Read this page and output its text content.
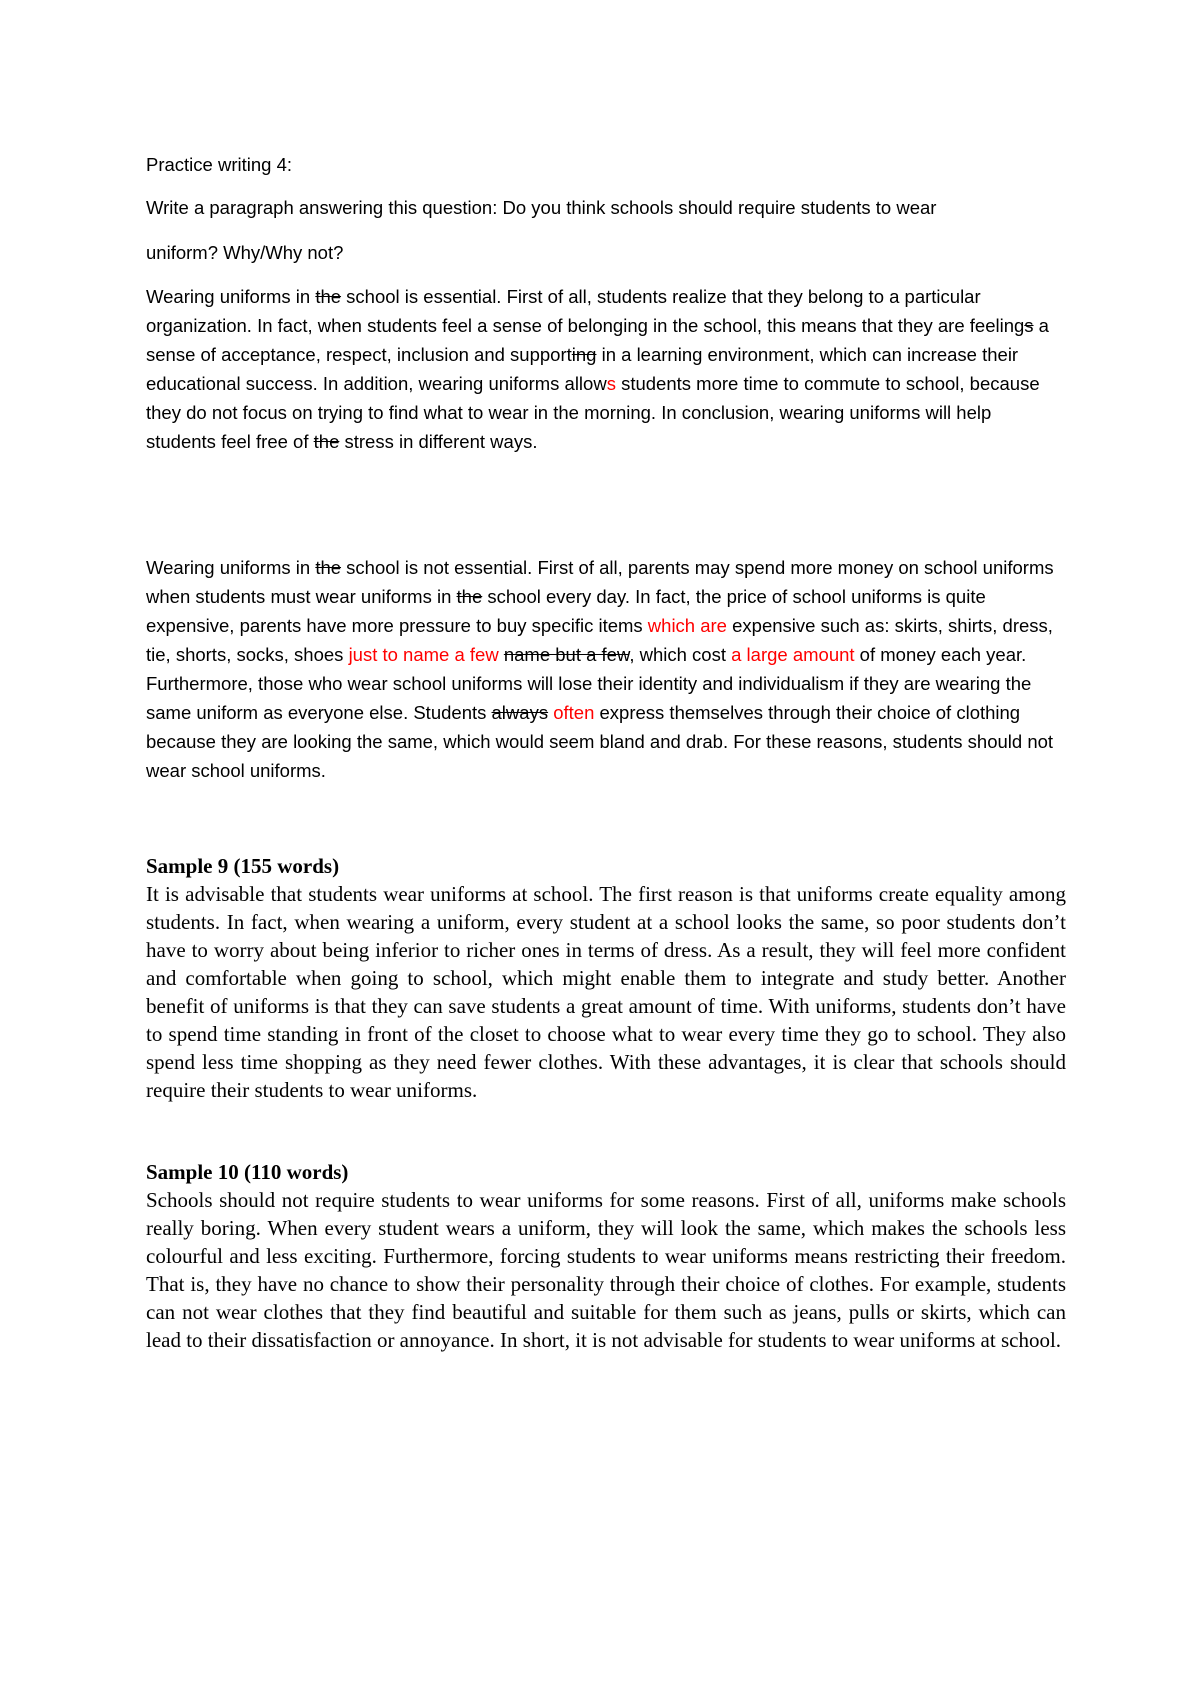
Practice writing 4:

Write a paragraph answering this question: Do you think schools should require students to wear

uniform? Why/Why not?

Wearing uniforms in the school is essential. First of all, students realize that they belong to a particular organization. In fact, when students feel a sense of belonging in the school, this means that they are feelings a sense of acceptance, respect, inclusion and supporting in a learning environment, which can increase their educational success. In addition, wearing uniforms allows students more time to commute to school, because they do not focus on trying to find what to wear in the morning. In conclusion, wearing uniforms will help students feel free of the stress in different ways.

Wearing uniforms in the school is not essential. First of all, parents may spend more money on school uniforms when students must wear uniforms in the school every day. In fact, the price of school uniforms is quite expensive, parents have more pressure to buy specific items which are expensive such as: skirts, shirts, dress, tie, shorts, socks, shoes just to name a few name but a few, which cost a large amount of money each year. Furthermore, those who wear school uniforms will lose their identity and individualism if they are wearing the same uniform as everyone else. Students always often express themselves through their choice of clothing because they are looking the same, which would seem bland and drab. For these reasons, students should not wear school uniforms.

Sample 9 (155 words)

It is advisable that students wear uniforms at school. The first reason is that uniforms create equality among students. In fact, when wearing a uniform, every student at a school looks the same, so poor students don’t have to worry about being inferior to richer ones in terms of dress. As a result, they will feel more confident and comfortable when going to school, which might enable them to integrate and study better. Another benefit of uniforms is that they can save students a great amount of time. With uniforms, students don’t have to spend time standing in front of the closet to choose what to wear every time they go to school. They also spend less time shopping as they need fewer clothes. With these advantages, it is clear that schools should require their students to wear uniforms.

Sample 10 (110 words)

Schools should not require students to wear uniforms for some reasons. First of all, uniforms make schools really boring. When every student wears a uniform, they will look the same, which makes the schools less colourful and less exciting. Furthermore, forcing students to wear uniforms means restricting their freedom. That is, they have no chance to show their personality through their choice of clothes. For example, students can not wear clothes that they find beautiful and suitable for them such as jeans, pulls or skirts, which can lead to their dissatisfaction or annoyance. In short, it is not advisable for students to wear uniforms at school.
